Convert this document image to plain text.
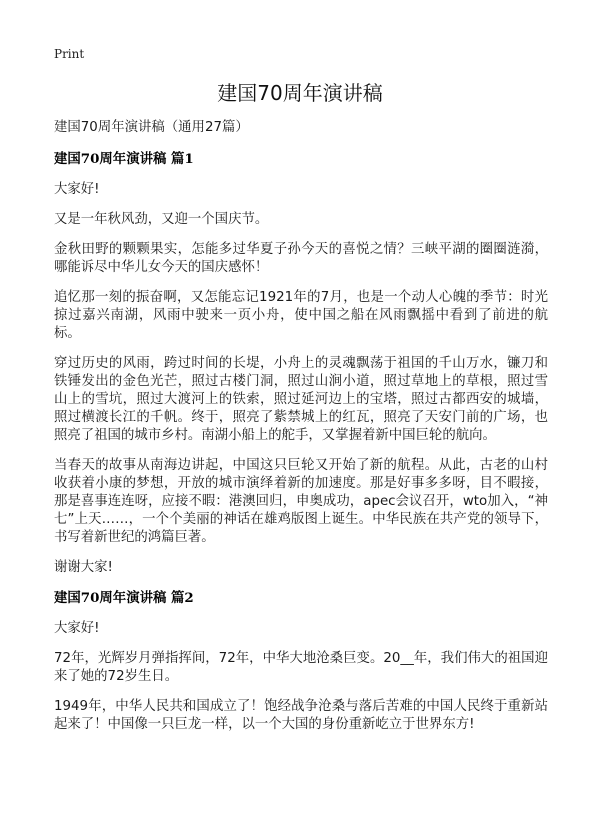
Print
建国70周年演讲稿

建国70周年演讲稿（通用27篇）

建国70周年演讲稿 篇1

大家好!

又是一年秋风劲，又迎一个国庆节。

金秋田野的颗颗果实，怎能多过华夏子孙今天的喜悦之情？三峡平湖的圈圈涟漪，哪能诉尽中华儿女今天的国庆感怀！

追忆那一刻的振奋啊，又怎能忘记1921年的7月，也是一个动人心魄的季节：时光掠过嘉兴南湖，风雨中驶来一页小舟，使中国之船在风雨飘摇中看到了前进的航标。

穿过历史的风雨，跨过时间的长堤，小舟上的灵魂飘荡于祖国的千山万水，镰刀和铁锤发出的金色光芒，照过古楼门洞，照过山涧小道，照过草地上的草根，照过雪山上的雪坑，照过大渡河上的铁索，照过延河边上的宝塔，照过古都西安的城墙，照过横渡长江的千帆。终于，照亮了紫禁城上的红瓦，照亮了天安门前的广场，也照亮了祖国的城市乡村。南湖小船上的舵手，又掌握着新中国巨轮的航向。

当春天的故事从南海边讲起，中国这只巨轮又开始了新的航程。从此，古老的山村收获着小康的梦想，开放的城市演绎着新的加速度。那是好事多多呀，目不暇接，那是喜事连连呀，应接不暇：港澳回归，申奥成功，apec会议召开，wto加入，“神七”上天……，一个个美丽的神话在雄鸡版图上诞生。中华民族在共产党的领导下，书写着新世纪的鸿篇巨著。

谢谢大家!

建国70周年演讲稿 篇2

大家好!

72年，光辉岁月弹指挥间，72年，中华大地沧桑巨变。20__年，我们伟大的祖国迎来了她的72岁生日。

1949年，中华人民共和国成立了！饱经战争沧桑与落后苦难的中国人民终于重新站起来了！中国像一只巨龙一样，以一个大国的身份重新屹立于世界东方!
